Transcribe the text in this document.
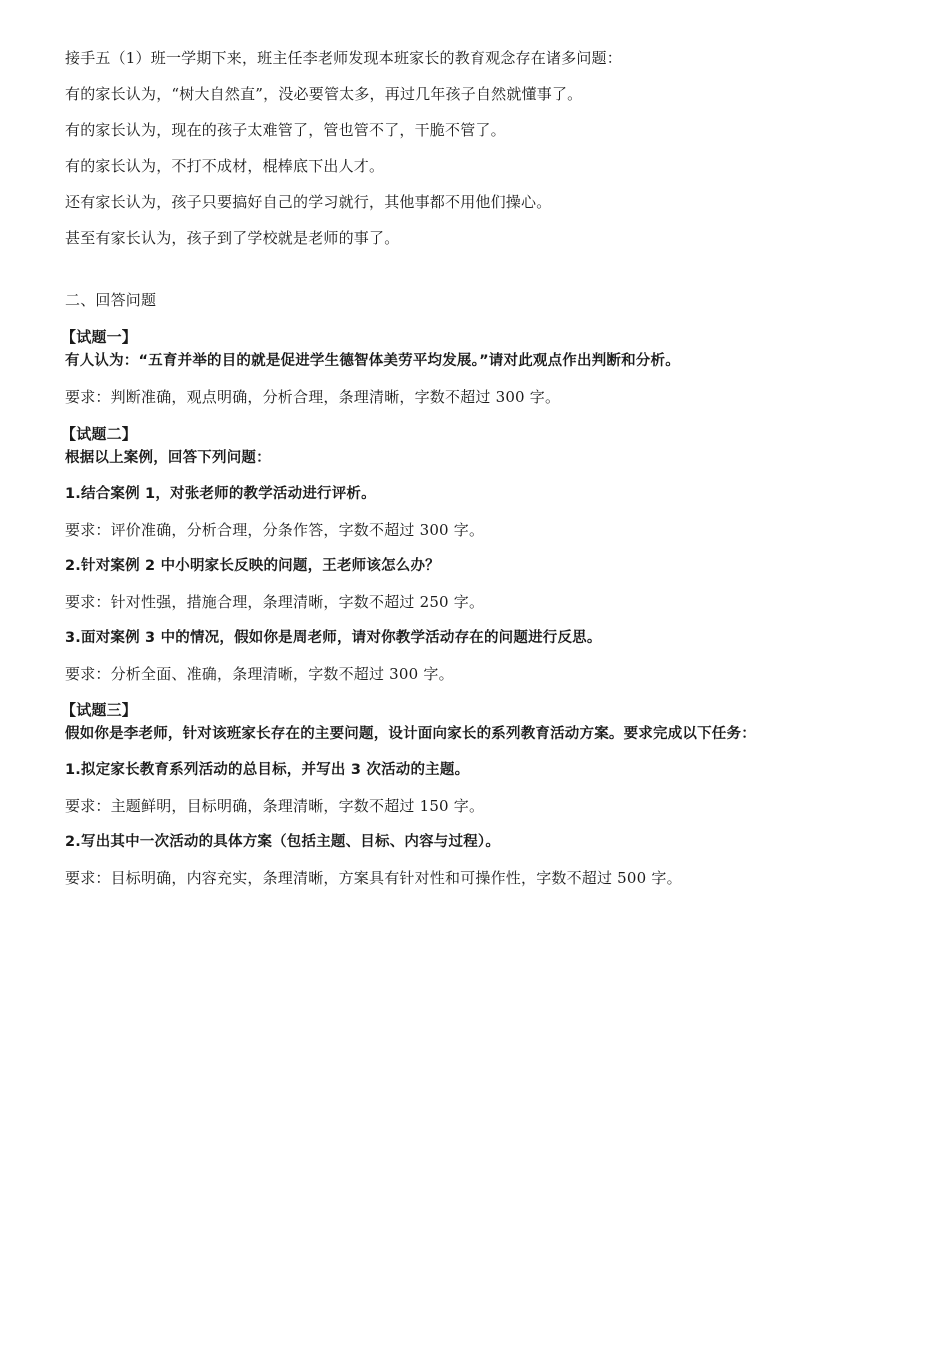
接手五（1）班一学期下来，班主任李老师发现本班家长的教育观念存在诸多问题：
有的家长认为，“树大自然直”，没必要管太多，再过几年孩子自然就懂事了。
有的家长认为，现在的孩子太难管了，管也管不了，干脆不管了。
有的家长认为，不打不成材，棍棒底下出人才。
还有家长认为，孩子只要搞好自己的学习就行，其他事都不用他们操心。
甚至有家长认为，孩子到了学校就是老师的事了。
二、回答问题
【试题一】
有人认为：“五育并举的目的就是促进学生德智体美劳平均发展。”请对此观点作出判断和分析。
要求：判断准确，观点明确，分析合理，条理清晰，字数不超过 300 字。
【试题二】
根据以上案例，回答下列问题：
1.结合案例 1，对张老师的教学活动进行评析。
要求：评价准确，分析合理，分条作答，字数不超过 300 字。
2.针对案例 2 中小明家长反映的问题，王老师该怎么办？
要求：针对性强，措施合理，条理清晰，字数不超过 250 字。
3.面对案例 3 中的情况，假如你是周老师，请对你教学活动存在的问题进行反思。
要求：分析全面、准确，条理清晰，字数不超过 300 字。
【试题三】
假如你是李老师，针对该班家长存在的主要问题，设计面向家长的系列教育活动方案。要求完成以下任务：
1.拟定家长教育系列活动的总目标，并写出 3 次活动的主题。
要求：主题鲜明，目标明确，条理清晰，字数不超过 150 字。
2.写出其中一次活动的具体方案（包括主题、目标、内容与过程）。
要求：目标明确，内容充实，条理清晰，方案具有针对性和可操作性，字数不超过 500 字。
